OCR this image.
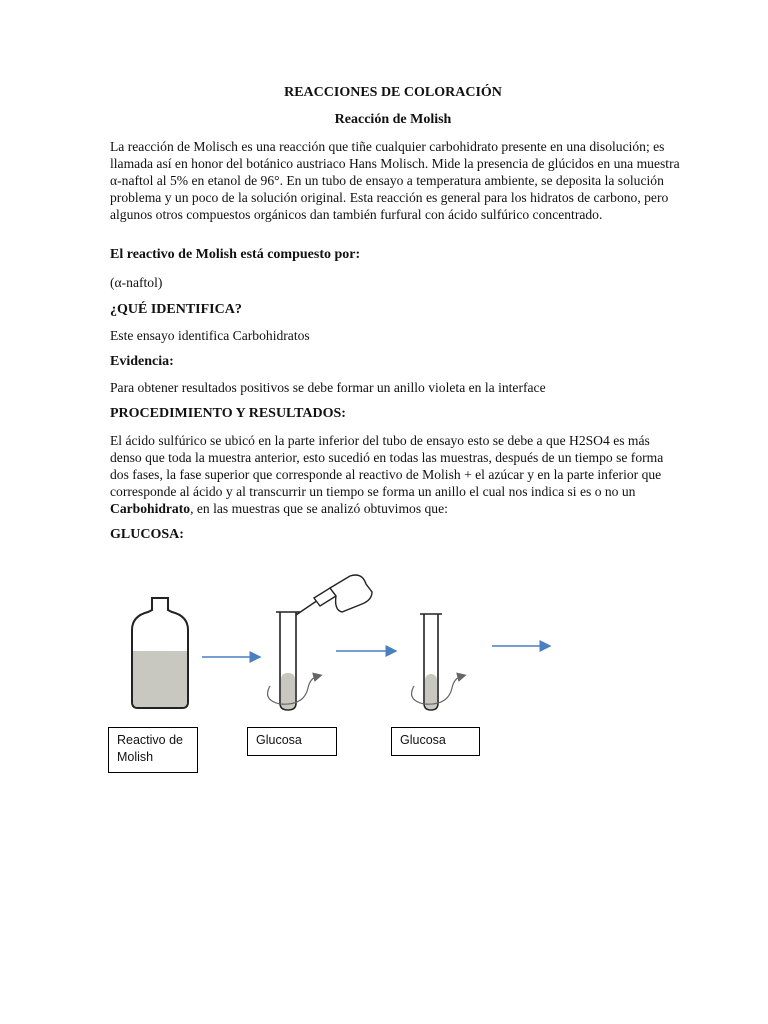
REACCIONES DE COLORACIÓN
Reacción de Molish

La reacción de Molisch es una reacción que tiñe cualquier carbohidrato presente en una disolución; es llamada así en honor del botánico austriaco Hans Molisch. Mide la presencia de glúcidos en una muestra α-naftol al 5% en etanol de 96°. En un tubo de ensayo a temperatura ambiente, se deposita la solución problema y un poco de la solución original. Esta reacción es general para los hidratos de carbono, pero algunos otros compuestos orgánicos dan también furfural con ácido sulfúrico concentrado.

El reactivo de Molish está compuesto por:

(α-naftol)

¿QUÉ IDENTIFICA?

Este ensayo identifica Carbohidratos

Evidencia:

Para obtener resultados positivos se debe formar un anillo violeta en la interface

PROCEDIMIENTO Y RESULTADOS:

El ácido sulfúrico se ubicó en la parte inferior del tubo de ensayo esto se debe a que H2SO4 es más denso que toda la muestra anterior, esto sucedió en todas las muestras, después de un tiempo se forma dos fases, la fase superior que corresponde al reactivo de Molish + el azúcar y en la parte inferior que corresponde al ácido y al transcurrir un tiempo se forma un anillo el cual nos indica si es o no un Carbohidrato, en las muestras que se analizó obtuvimos que:

GLUCOSA:

Reactivo de Molish
Glucosa	Glucosa
